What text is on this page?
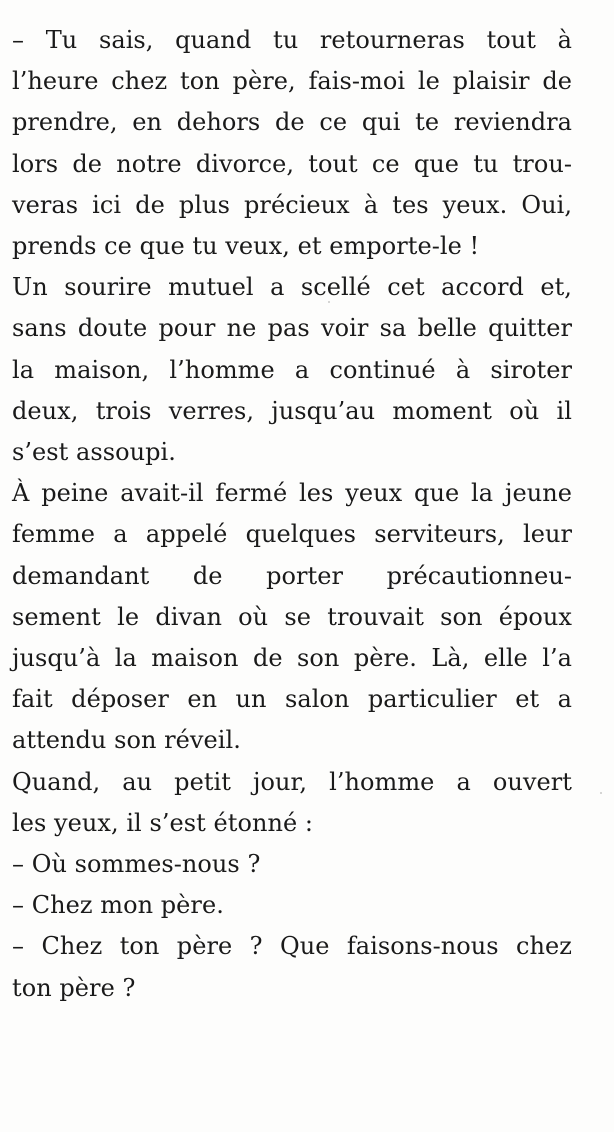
– Tu sais, quand tu retourneras tout à
l’heure chez ton père, fais-moi le plaisir de
prendre, en dehors de ce qui te reviendra
lors de notre divorce, tout ce que tu trou-
veras ici de plus précieux à tes yeux. Oui,
prends ce que tu veux, et emporte-le !
Un sourire mutuel a scellé cet accord et,
sans doute pour ne pas voir sa belle quitter
la maison, l’homme a continué à siroter
deux, trois verres, jusqu’au moment où il
s’est assoupi.
À peine avait-il fermé les yeux que la jeune
femme a appelé quelques serviteurs, leur
demandant de porter précautionneu-
sement le divan où se trouvait son époux
jusqu’à la maison de son père. Là, elle l’a
fait déposer en un salon particulier et a
attendu son réveil.
Quand, au petit jour, l’homme a ouvert
les yeux, il s’est étonné :
– Où sommes-nous ?
– Chez mon père.
– Chez ton père ? Que faisons-nous chez
ton père ?
